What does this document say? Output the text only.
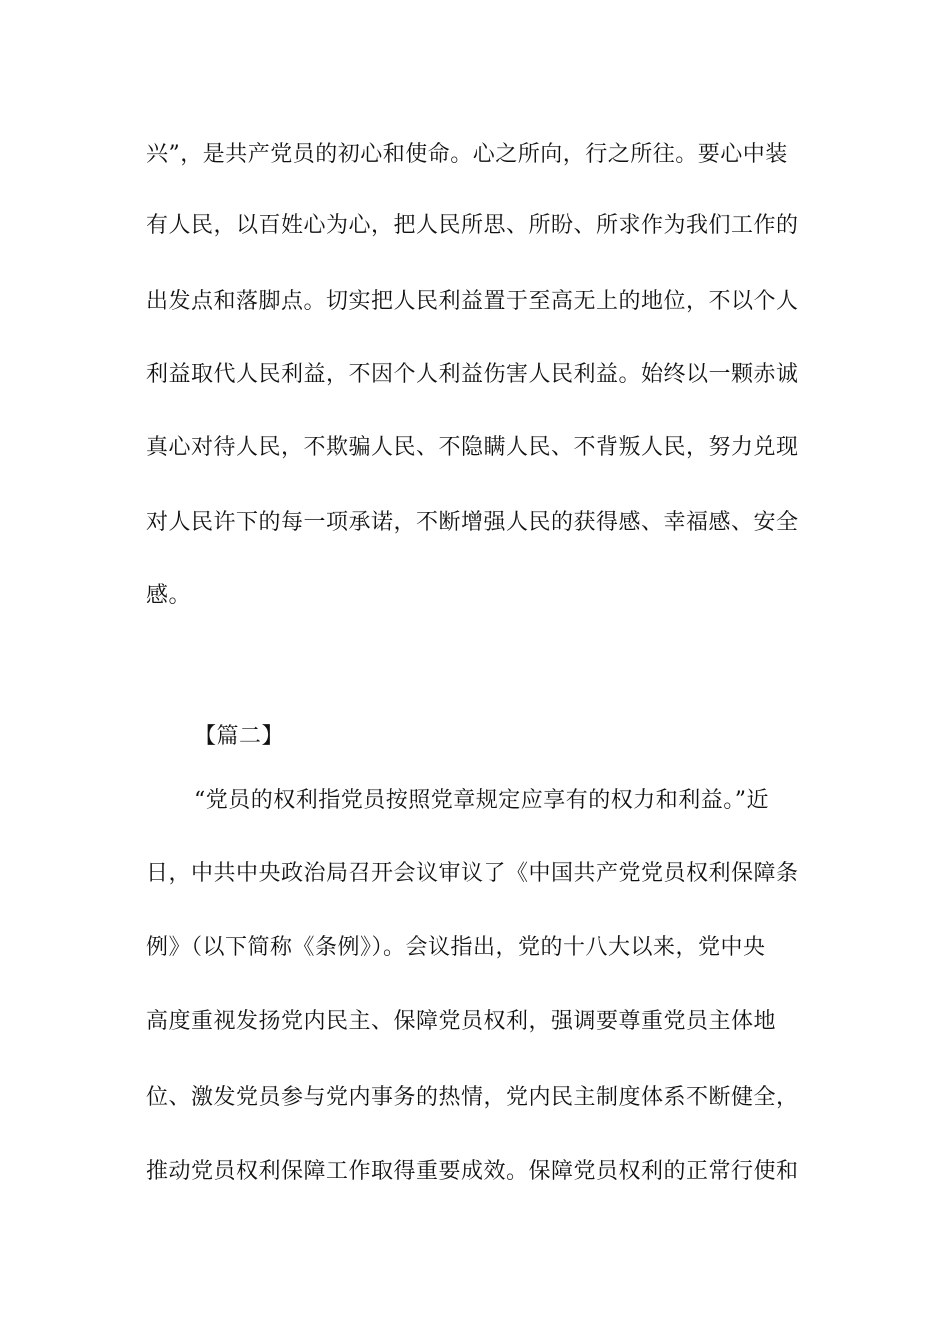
兴”，是共产党员的初心和使命。心之所向，行之所往。要心中装
有人民，以百姓心为心，把人民所思、所盼、所求作为我们工作的
出发点和落脚点。切实把人民利益置于至高无上的地位，不以个人
利益取代人民利益，不因个人利益伤害人民利益。始终以一颗赤诚
真心对待人民，不欺骗人民、不隐瞒人民、不背叛人民，努力兑现
对人民许下的每一项承诺，不断增强人民的获得感、幸福感、安全
感。
【篇二】
“党员的权利指党员按照党章规定应享有的权力和利益。”近
日，中共中央政治局召开会议审议了《中国共产党党员权利保障条
例》（以下简称《条例》）。会议指出，党的十八大以来，党中央
高度重视发扬党内民主、保障党员权利，强调要尊重党员主体地
位、激发党员参与党内事务的热情，党内民主制度体系不断健全，
推动党员权利保障工作取得重要成效。保障党员权利的正常行使和
